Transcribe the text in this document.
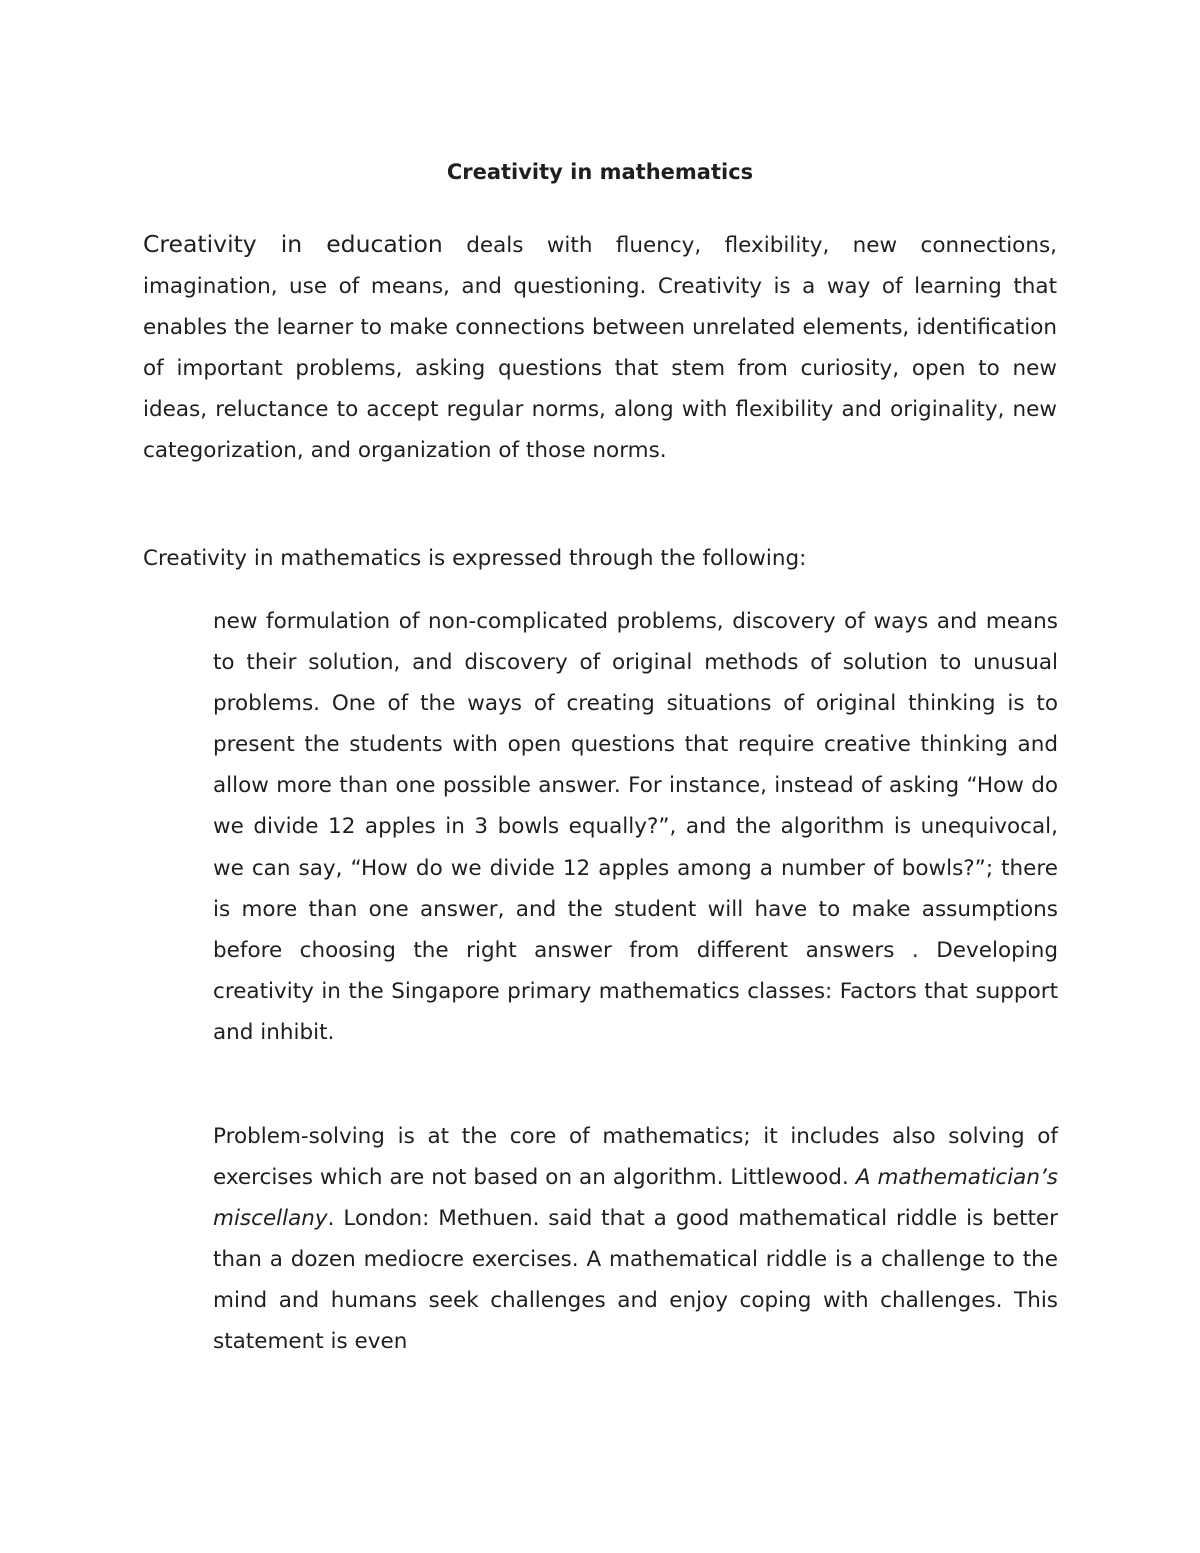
Creativity in mathematics

Creativity in education deals with fluency, flexibility, new connections, imagination, use of means, and questioning. Creativity is a way of learning that enables the learner to make connections between unrelated elements, identification of important problems, asking questions that stem from curiosity, open to new ideas, reluctance to accept regular norms, along with flexibility and originality, new categorization, and organization of those norms.

Creativity in mathematics is expressed through the following:

new formulation of non-complicated problems, discovery of ways and means to their solution, and discovery of original methods of solution to unusual problems. One of the ways of creating situations of original thinking is to present the students with open questions that require creative thinking and allow more than one possible answer. For instance, instead of asking “How do we divide 12 apples in 3 bowls equally?”, and the algorithm is unequivocal, we can say, “How do we divide 12 apples among a number of bowls?”; there is more than one answer, and the student will have to make assumptions before choosing the right answer from different answers . Developing creativity in the Singapore primary mathematics classes: Factors that support and inhibit.

Problem-solving is at the core of mathematics; it includes also solving of exercises which are not based on an algorithm. Littlewood. A mathematician’s miscellany. London: Methuen. said that a good mathematical riddle is better than a dozen mediocre exercises. A mathematical riddle is a challenge to the mind and humans seek challenges and enjoy coping with challenges. This statement is even
